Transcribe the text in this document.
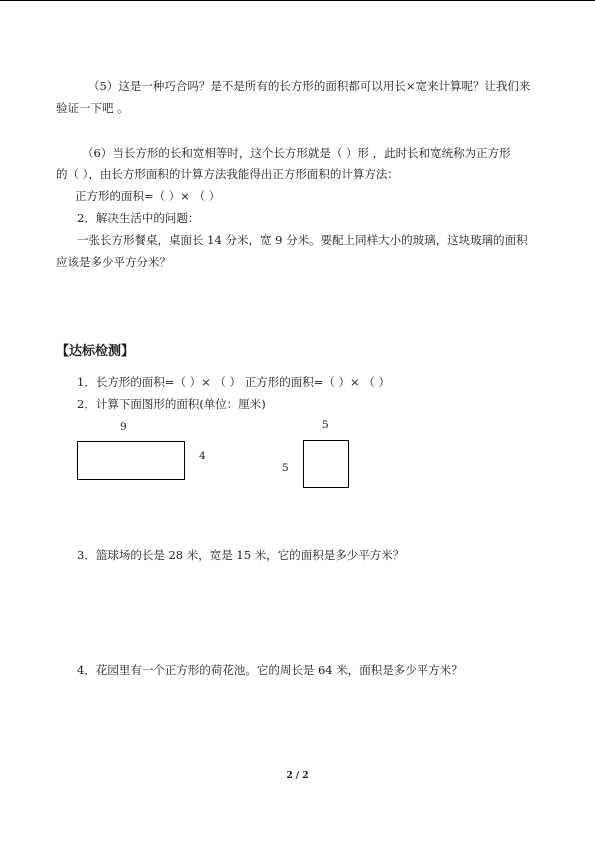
（5）这是一种巧合吗？是不是所有的长方形的面积都可以用长×宽来计算呢？让我们来
验证一下吧 。
（6）当长方形的长和宽相等时，这个长方形就是（ ）形 ，此时长和宽统称为正方形
的（ ），由长方形面积的计算方法我能得出正方形面积的计算方法：
正方形的面积=（ ）× （ ）
2．解决生活中的问题：
一张长方形餐桌，桌面长 14 分米，宽 9 分米。要配上同样大小的玻璃，这块玻璃的面积
应该是多少平方分米？
【达标检测】
1．长方形的面积=（ ）× （ ） 正方形的面积=（ ）× （ ）
2．计算下面图形的面积(单位：厘米)
9
4
5
5
3．篮球场的长是 28 米，宽是 15 米，它的面积是多少平方米？
4．花园里有一个正方形的荷花池。它的周长是 64 米，面积是多少平方米？
2 / 2
